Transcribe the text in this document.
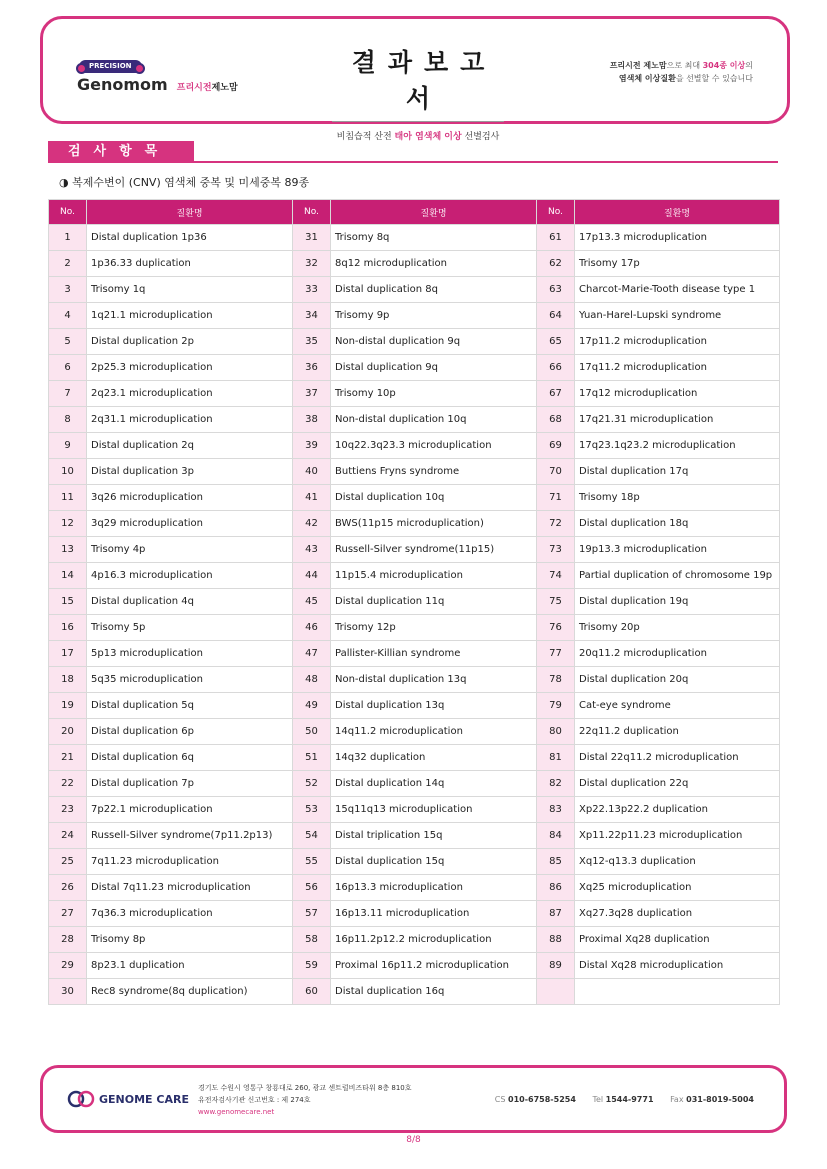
PRECISION
Genomom 프리시전제노맘
결과보고서
비침습적 산전 태아 염색체 이상 선별검사
프리시전 제노맘으로 최대 304종 이상의
염색체 이상질환을 선별할 수 있습니다
검사항목
◑ 복제수변이 (CNV) 염색체 중복 및 미세중복 89종
No.	질환명	No.	질환명	No.	질환명
1	Distal duplication 1p36	31	Trisomy 8q	61	17p13.3 microduplication
2	1p36.33 duplication	32	8q12 microduplication	62	Trisomy 17p
3	Trisomy 1q	33	Distal duplication 8q	63	Charcot-Marie-Tooth disease type 1
4	1q21.1 microduplication	34	Trisomy 9p	64	Yuan-Harel-Lupski syndrome
5	Distal duplication 2p	35	Non-distal duplication 9q	65	17p11.2 microduplication
6	2p25.3 microduplication	36	Distal duplication 9q	66	17q11.2 microduplication
7	2q23.1 microduplication	37	Trisomy 10p	67	17q12 microduplication
8	2q31.1 microduplication	38	Non-distal duplication 10q	68	17q21.31 microduplication
9	Distal duplication 2q	39	10q22.3q23.3 microduplication	69	17q23.1q23.2 microduplication
10	Distal duplication 3p	40	Buttiens Fryns syndrome	70	Distal duplication 17q
11	3q26 microduplication	41	Distal duplication 10q	71	Trisomy 18p
12	3q29 microduplication	42	BWS(11p15 microduplication)	72	Distal duplication 18q
13	Trisomy 4p	43	Russell-Silver syndrome(11p15)	73	19p13.3 microduplication
14	4p16.3 microduplication	44	11p15.4 microduplication	74	Partial duplication of chromosome 19p
15	Distal duplication 4q	45	Distal duplication 11q	75	Distal duplication 19q
16	Trisomy 5p	46	Trisomy 12p	76	Trisomy 20p
17	5p13 microduplication	47	Pallister-Killian syndrome	77	20q11.2 microduplication
18	5q35 microduplication	48	Non-distal duplication 13q	78	Distal duplication 20q
19	Distal duplication 5q	49	Distal duplication 13q	79	Cat-eye syndrome
20	Distal duplication 6p	50	14q11.2 microduplication	80	22q11.2 duplication
21	Distal duplication 6q	51	14q32 duplication	81	Distal 22q11.2 microduplication
22	Distal duplication 7p	52	Distal duplication 14q	82	Distal duplication 22q
23	7p22.1 microduplication	53	15q11q13 microduplication	83	Xp22.13p22.2 duplication
24	Russell-Silver syndrome(7p11.2p13)	54	Distal triplication 15q	84	Xp11.22p11.23 microduplication
25	7q11.23 microduplication	55	Distal duplication 15q	85	Xq12-q13.3 duplication
26	Distal 7q11.23 microduplication	56	16p13.3 microduplication	86	Xq25 microduplication
27	7q36.3 microduplication	57	16p13.11 microduplication	87	Xq27.3q28 duplication
28	Trisomy 8p	58	16p11.2p12.2 microduplication	88	Proximal Xq28 duplication
29	8p23.1 duplication	59	Proximal 16p11.2 microduplication	89	Distal Xq28 microduplication
30	Rec8 syndrome(8q duplication)	60	Distal duplication 16q		
GENOME CARE
경기도 수원시 영통구 창룡대로 260, 광교 센트럴비즈타워 8층 810호
유전자검사기관 신고번호 : 제 274호
www.genomecare.net
CS 010-6758-5254 Tel 1544-9771 Fax 031-8019-5004
8/8
